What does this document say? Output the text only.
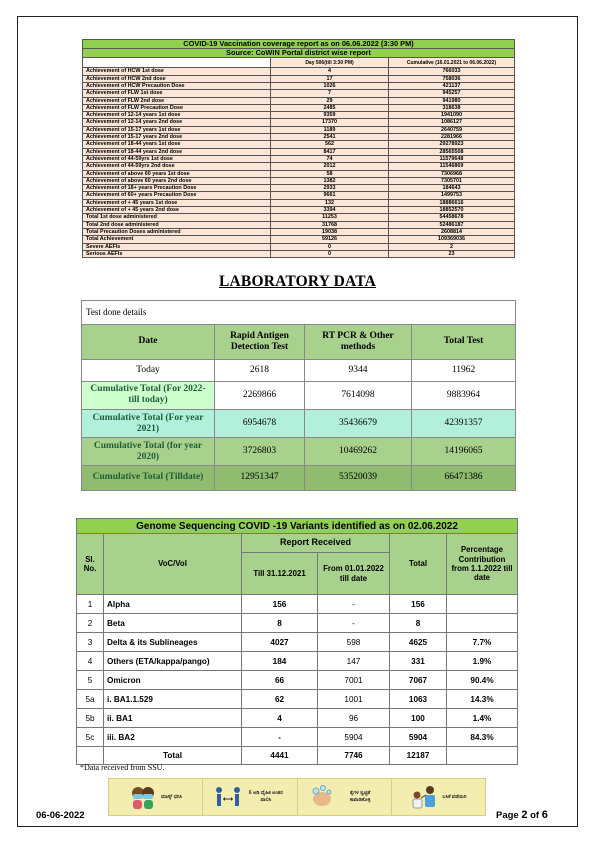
COVID-19 Vaccination coverage report as on 06.06.2022 (3:30 PM)		
Source: CoWIN Portal district wise report		
	Day 506(till 3:30 PM)	Cumulative (16.01.2021 to 06.06.2022)
Achievement of HCW 1st dose	4	766033
Achievement of HCW 2nd dose	17	758036
Achievement of HCW Precaution Dose	1026	421137
Achievement of FLW 1st dose	7	945257
Achievement of FLW 2nd dose	29	941980
Achievement of FLW Precaution Dose	2485	318638
Achievement of 12-14 years 1st dose	9359	1941090
Achievement of 12-14 years 2nd dose	17370	1086127
Achievement of 15-17 years 1st dose	1189	2640759
Achievement of 15-17 years 2nd dose	2541	2281966
Achievement of 18-44 years 1st dose	562	29278923
Achievement of 18-44 years 2nd dose	8417	28565508
Achievement of 44-59yrs 1st dose	74	11579648
Achievement of 44-59yrs 2nd dose	2012	11546869
Achievement of above 60 years 1st dose	58	7306968
Achievement of above 60 years 2nd dose	1382	7305701
Achievement of 18+ years Precaution Dose	2933	184643
Achievement of 60+ years Precaution Dose	9661	1499753
Achievement of + 45 years 1st dose	132	18886616
Achievement of + 45 years 2nd dose	3394	18852570
Total 1st dose administered	11253	54458678
Total 2nd dose administered	31768	52486187
Total Precaution Doses administered	19038	2608814
Total Achievement	59126	109369036
Severe AEFIs	0	2
Serious AEFIs	0	23
LABORATORY DATA
Test done details			
Date	Rapid Antigen Detection Test	RT PCR & Other methods	Total Test
Today	2618	9344	11962
Cumulative Total (For 2022- till today)	2269866	7614098	9883964
Cumulative Total (For year 2021)	6954678	35436679	42391357
Cumulative Total (for year 2020)	3726803	10469262	14196065
Cumulative Total (Tilldate)	12951347	53520039	66471386
Genome Sequencing COVID -19 Variants identified as on 02.06.2022					
Sl. No.	VoC/VoI	Report Received		Total	Percentage Contribution from 1.1.2022 till date
		Till 31.12.2021	From 01.01.2022 till date		
1	Alpha	156	-	156	
2	Beta	8	-	8	
3	Delta & its Sublineages	4027	598	4625	7.7%
4	Others (ETA/kappa/pango)	184	147	331	1.9%
5	Omicron	66	7001	7067	90.4%
5a	i. BA1.1.529	62	1001	1063	14.3%
5b	ii. BA1	4	96	100	1.4%
5c	iii. BA2	-	5904	5904	84.3%
	Total	4441	7746	12187	
*Data received from SSU.
ಮಾಸ್ಕ್ ಧರಿಸಿ
6 ಅಡಿ ದೈಹಿಕ ಅಂತರ ಪಾಲಿಸಿ
ಕೈಗಳ ಸ್ವಚ್ಛತೆ ಕಾಪಾಡಿಕೊಳ್ಳಿ
ಲಸಿಕೆ ಪಡೆಯಿರಿ
06-06-2022	Page 2 of 6
